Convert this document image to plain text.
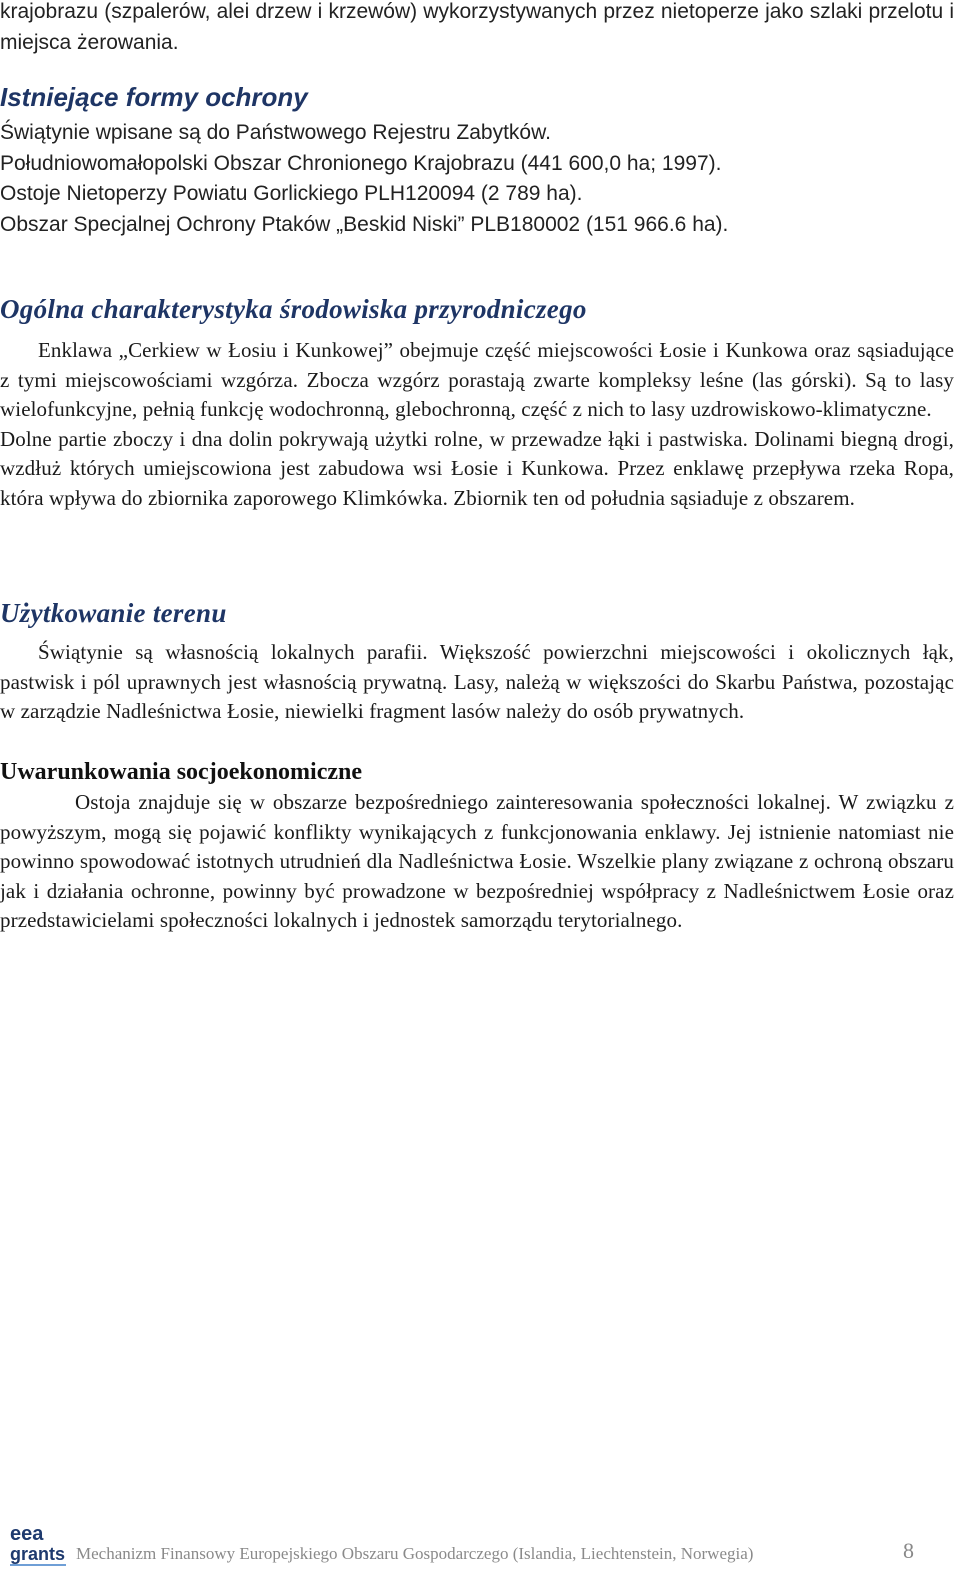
krajobrazu (szpalerów, alei drzew i krzewów) wykorzystywanych przez nietoperze jako szlaki przelotu i miejsca żerowania.

Istniejące formy ochrony
Świątynie wpisane są do Państwowego Rejestru Zabytków.
Południowomałopolski Obszar Chronionego Krajobrazu (441 600,0 ha; 1997).
Ostoje Nietoperzy Powiatu Gorlickiego PLH120094 (2 789 ha).
Obszar Specjalnej Ochrony Ptaków „Beskid Niski” PLB180002 (151 966.6 ha).
Ogólna charakterystyka środowiska przyrodniczego

Enklawa „Cerkiew w Łosiu i Kunkowej” obejmuje część miejscowości Łosie i Kunkowa oraz sąsiadujące z tymi miejscowościami wzgórza. Zbocza wzgórz porastają zwarte kompleksy leśne (las górski). Są to lasy wielofunkcyjne, pełnią funkcję wodochronną, glebochronną, część z nich to lasy uzdrowiskowo-klimatyczne.

Dolne partie zboczy i dna dolin pokrywają użytki rolne, w przewadze łąki i pastwiska. Dolinami biegną drogi, wzdłuż których umiejscowiona jest zabudowa wsi Łosie i Kunkowa. Przez enklawę przepływa rzeka Ropa, która wpływa do zbiornika zaporowego Klimkówka. Zbiornik ten od południa sąsiaduje z obszarem.

Użytkowanie terenu

Świątynie są własnością lokalnych parafii. Większość powierzchni miejscowości i okolicznych łąk, pastwisk i pól uprawnych jest własnością prywatną. Lasy, należą w większości do Skarbu Państwa, pozostając w zarządzie Nadleśnictwa Łosie, niewielki fragment lasów należy do osób prywatnych.

Uwarunkowania socjoekonomiczne

Ostoja znajduje się w obszarze bezpośredniego zainteresowania społeczności lokalnej. W związku z powyższym, mogą się pojawić konflikty wynikających z funkcjonowania enklawy. Jej istnienie natomiast nie powinno spowodować istotnych utrudnień dla Nadleśnictwa Łosie. Wszelkie plany związane z ochroną obszaru jak i działania ochronne, powinny być prowadzone w bezpośredniej współpracy z Nadleśnictwem Łosie oraz przedstawicielami społeczności lokalnych i jednostek samorządu terytorialnego.

eea
grants Mechanizm Finansowy Europejskiego Obszaru Gospodarczego (Islandia, Liechtenstein, Norwegia)	8
